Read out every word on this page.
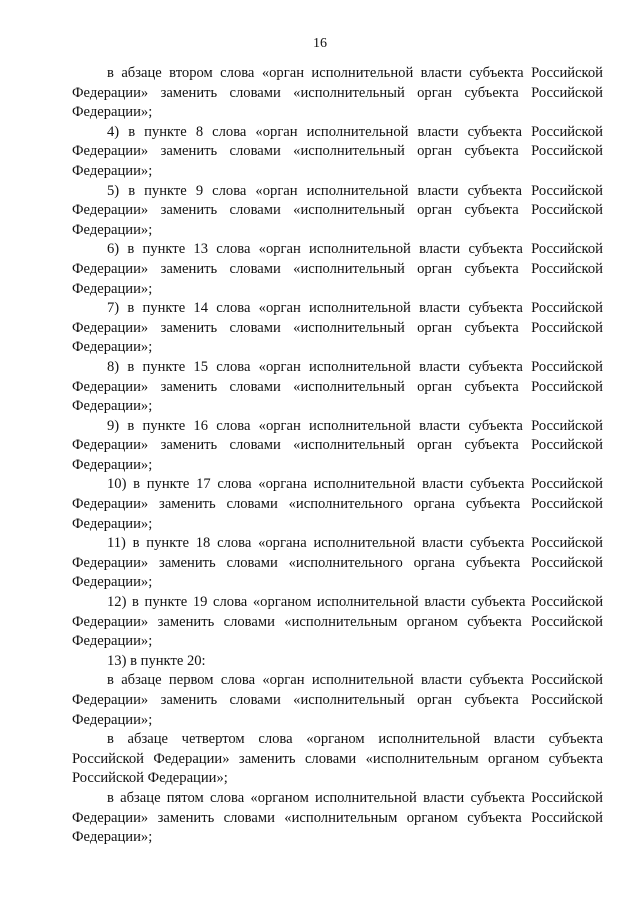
16

в абзаце втором слова «орган исполнительной власти субъекта Российской Федерации» заменить словами «исполнительный орган субъекта Российской Федерации»;

4) в пункте 8 слова «орган исполнительной власти субъекта Российской Федерации» заменить словами «исполнительный орган субъекта Российской Федерации»;

5) в пункте 9 слова «орган исполнительной власти субъекта Российской Федерации» заменить словами «исполнительный орган субъекта Российской Федерации»;

6) в пункте 13 слова «орган исполнительной власти субъекта Российской Федерации» заменить словами «исполнительный орган субъекта Российской Федерации»;

7) в пункте 14 слова «орган исполнительной власти субъекта Российской Федерации» заменить словами «исполнительный орган субъекта Российской Федерации»;

8) в пункте 15 слова «орган исполнительной власти субъекта Российской Федерации» заменить словами «исполнительный орган субъекта Российской Федерации»;

9) в пункте 16 слова «орган исполнительной власти субъекта Российской Федерации» заменить словами «исполнительный орган субъекта Российской Федерации»;

10) в пункте 17 слова «органа исполнительной власти субъекта Российской Федерации» заменить словами «исполнительного органа субъекта Российской Федерации»;

11) в пункте 18 слова «органа исполнительной власти субъекта Российской Федерации» заменить словами «исполнительного органа субъекта Российской Федерации»;

12) в пункте 19 слова «органом исполнительной власти субъекта Российской Федерации» заменить словами «исполнительным органом субъекта Российской Федерации»;

13) в пункте 20:

в абзаце первом слова «орган исполнительной власти субъекта Российской Федерации» заменить словами «исполнительный орган субъекта Российской Федерации»;

в абзаце четвертом слова «органом исполнительной власти субъекта Российской Федерации» заменить словами «исполнительным органом субъекта Российской Федерации»;

в абзаце пятом слова «органом исполнительной власти субъекта Российской Федерации» заменить словами «исполнительным органом субъекта Российской Федерации»;
